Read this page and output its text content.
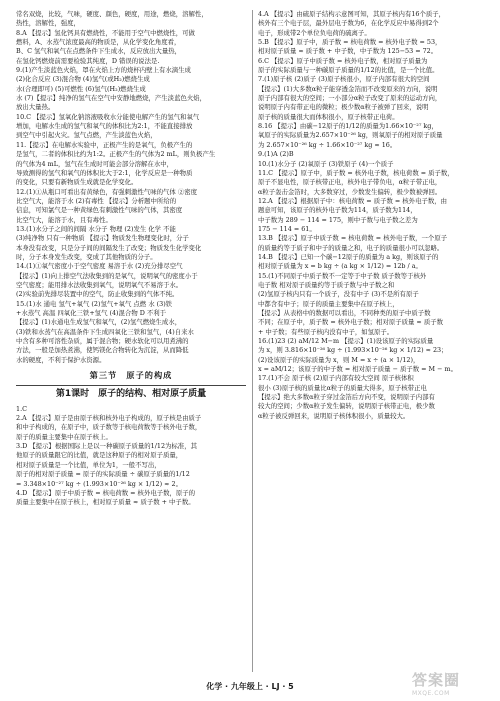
常名双烧，比较，气味，硬度、颜色，硬度，用途，燃烧，溶解性，
热性，溶解性，强度，
8.A 【提示】氢化钙具有燃烧性，不能用于空气中燃烧性，可做
燃料，A、水蒸气浓度最高的物质是，从化学变化角度看，
B、C 氢气和氧气在点燃条件下生成水，反应放出大量热，
在氢化钙燃烧前需要检验其纯度，D 错误的说法是.
9.(1)产生淡蓝色火焰，罩在火焰上方的烧杯内壁上有水滴生成
(2)化合反应 (3)混合物 (4)氢气(或H₂)燃烧生成
水(合理即可) (5)可燃性 (6)氢气(H₂)燃烧生成
水 (7)【提示】纯净的氢气在空气中安静地燃烧，产生淡蓝色火焰，
放出大量热。
10.C 【提示】氢氧化钠溶液吸收水分能使电解产生的氢气和氧气
增加，电解水生成的氢气和氧气的体积比为2:1，不能直接排放
到空气中引起火灾。氢气点燃，产生淡蓝色火焰，
11.【提示】在电解水实验中，正极产生的是氧气，负极产生的
是氢气，二者的体积比约为1:2。正极产生的气体为2 mL，则负极产生
的气体为4 mL，氢气在生成时可能会部分溶解在水中，
导致测得的氢气和氧气的体积比大于2:1，化学反应是一种物质
的变化，只要有新物质生成就是化学变化。
12.(1)①从瓶口可看出有黄绿色，有强刺激性气味的气体 ②密度
比空气大，能溶于水 (2)有毒性 【提示】分析题中所给的
信息，可知氯气是一种黄绿色有刺激性气味的气体，其密度
比空气大，能溶于水，且有毒性。
13.(1)水分子之间的间隔 水分子 物理 (2)发生 化学 不能
(3)纯净物 只有一种物质 【提示】物质发生物理变化时，分子
本身没有改变，只是分子间的间隔发生了改变；物质发生化学变化
时，分子本身发生改变，变成了其他物质的分子。
14.(1)①氧气密度小于空气密度 易溶于水 (2)充分排尽空气
【提示】(1)向上排空气法收集到的是氧气，说明氧气的密度小于
空气密度；能用排水法收集到氧气，说明氧气不易溶于水。
(2)实验前先排尽装置中的空气，防止收集到的气体不纯。
15.(1)水 通电 氢气+氧气 (2)氢气+氧气 点燃 水 (3)铁
+水蒸气 高温 四氧化三铁+氢气 (4)混合物 D 不利于
【提示】(1)水通电生成氢气和氧气，(2)氢气燃烧生成水，
(3)铁和水蒸气在高温条件下生成四氧化三铁和氢气，(4)自来水
中含有多种可溶性杂质，属于混合物；硬水软化可以用煮沸的
方法，一般是加热煮沸，使钙镁化合物转化为沉淀，从而降低
水的硬度，不利于保护水资源。
第三节　原子的构成
第1课时　原子的结构、相对原子质量
1.C
2.A 【提示】原子是由原子核和核外电子构成的，原子核是由质子
和中子构成的，在原子中，质子数等于核电荷数等于核外电子数，
原子的质量主要集中在原子核上。
3.D 【提示】根据国际上是以一种碳原子质量的1/12为标准，其
他原子的质量跟它的比值，就是这种原子的相对原子质量，
相对原子质量是一个比值，单位为1，一般不写出，
原子的相对原子质量 = 原子的实际质量 ÷ 碳原子质量的1/12
= 3.348×10⁻²⁷ kg ÷ (1.993×10⁻²⁶ kg × 1/12) ≈ 2。
4.D 【提示】原子中质子数 = 核电荷数 = 核外电子数，原子的
质量主要集中在原子核上，相对原子质量 ≈ 质子数 + 中子数。
4.A 【提示】由硫原子结构示意图可知，其原子核内有16个质子，
核外有三个电子层，最外层电子数为6，在化学反应中易得到2个
电子，形成带2个单位负电荷的硫离子。
5.B 【提示】原子中，质子数 = 核电荷数 = 核外电子数 = 53，
相对原子质量 ≈ 质子数 + 中子数，中子数为 125−53 = 72。
6.C 【提示】原子中质子数 = 核外电子数，相对原子质量为
原子的实际质量与一种碳原子质量的1/12的比值，是一个比值。
7.(1)原子核 (2)质子 (3)原子核很小，原子内部有很大的空间
【提示】(1)大多数α粒子能穿透金箔而不改变原来的方向，说明
原子内部有很大的空间；一小部分α粒子改变了原来的运动方向，
说明原子内有带正电的微粒；极少数α粒子被弹了回来，说明
原子核的质量很大而体积很小，原子核带正电荷。
8.16 【提示】由碳−12原子的1/12的质量为1.66×10⁻²⁷ kg，
氧原子的实际质量为2.657×10⁻²⁶ kg，则氧原子的相对原子质量
为 2.657×10⁻²⁶ kg ÷ 1.66×10⁻²⁷ kg ≈ 16。
9.(1)A (2)B
10.(1)水分子 (2)氧原子 (3)铁原子 (4)一个质子
11.C 【提示】原子中，质子数 = 核外电子数，核电荷数 = 质子数，
原子不显电性，原子核带正电，核外电子带负电，α粒子带正电，
α粒子轰击金箔时，大多数穿过，少数发生偏转，极少数被弹回。
12.A 【提示】根据原子中：核电荷数 = 质子数 = 核外电子数，由
题意可知，该原子的核外电子数为114，质子数为114，
中子数为 289 − 114 = 175，则中子数与电子数之差为
175 − 114 = 61。
13.B 【提示】原子中质子数 = 核电荷数 = 核外电子数，一个原子
的质量约等于质子和中子的质量之和，电子的质量很小可以忽略。
14.B 【提示】已知一个碳−12原子的质量为 a kg，则该原子的
相对原子质量为 x = b kg ÷ (a kg × 1/12) = 12b / a。
15.(1)不同原子中质子数不一定等于中子数 质子数等于核外
电子数 相对原子质量约等于质子数与中子数之和
(2)氢原子核内只有一个质子，没有中子 (3)不是所有原子
中都含有中子；原子的质量主要集中在原子核上，
【提示】从表格中的数据可以看出，不同种类的原子中质子数
不同；在原子中，质子数 = 核外电子数；相对原子质量 ≈ 质子数
+ 中子数；有些原子核内没有中子，如氢原子。
16.(1)23 (2) aM/12 M−m 【提示】(1)设该原子的实际质量
为 x，则 3.816×10⁻²⁶ kg ÷ (1.993×10⁻²⁶ kg × 1/12) ≈ 23；
(2)设该原子的实际质量为 x，则 M = x ÷ (a × 1/12)，
x = aM/12；该原子的中子数 = 相对原子质量 − 质子数 = M − m。
17.(1)不会 原子核 (2)原子内部有较大空间 原子核体积
很小 (3)原子核的质量比α粒子的质量大得多，原子核带正电
【提示】绝大多数α粒子穿过金箔后方向不变，说明原子内部有
较大的空间；少数α粒子发生偏转，说明原子核带正电，极少数
α粒子被反弹回来，说明原子核体积很小，质量较大。
化学 · 九年级上 · LJ · 5	答案圈
MXQE.COM
